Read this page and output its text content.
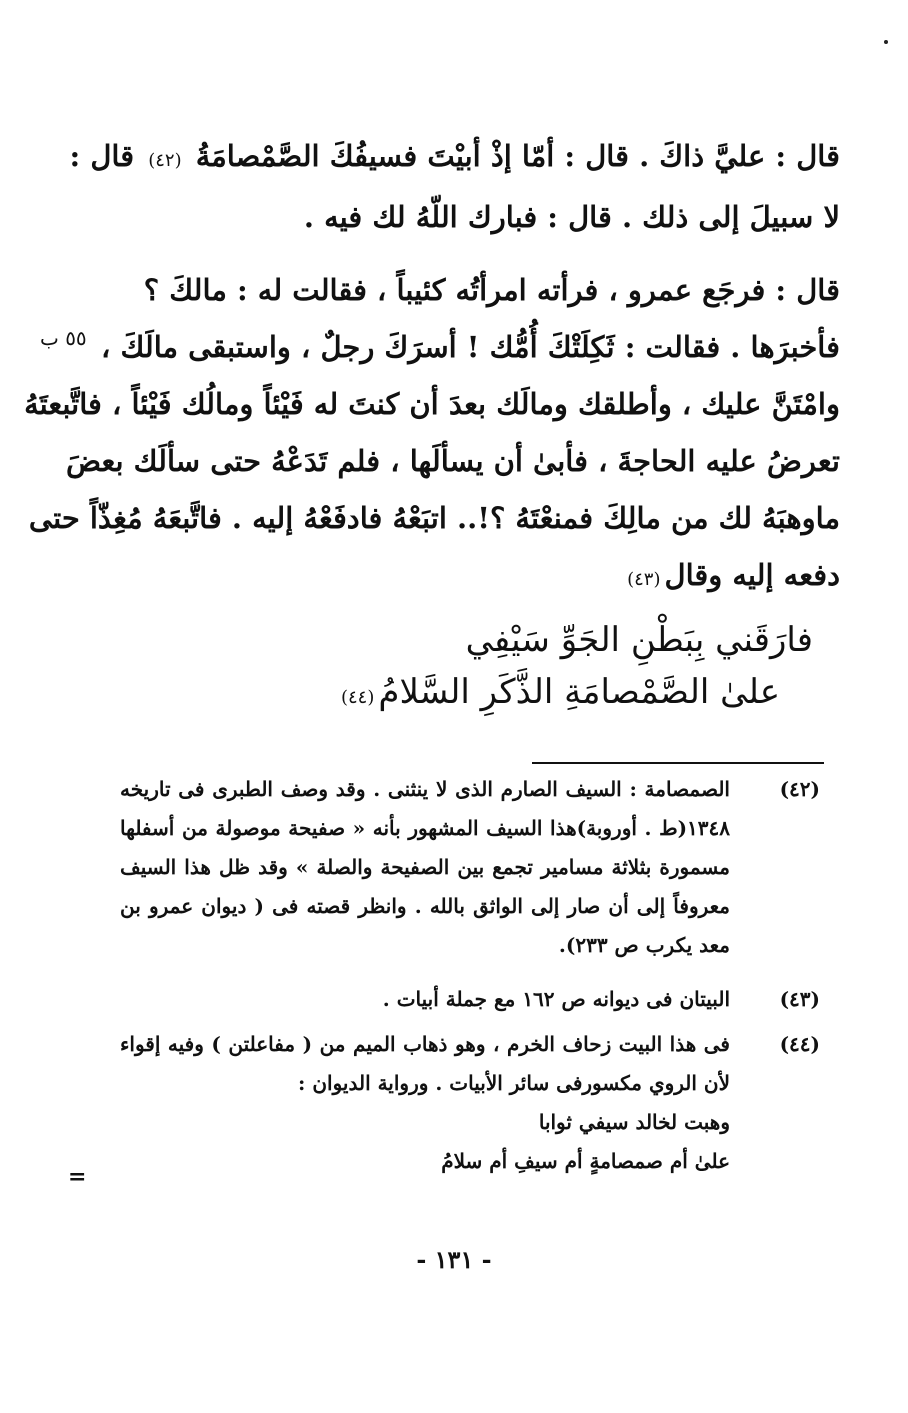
قال : عليَّ ذاكَ . قال : أمّا إذْ أبيْتَ فسيفُكَ الصَّمْصامَةُ (٤٢) قال :
لا سبيلَ إلى ذلك . قال : فبارك اللّهُ لك فيه .
٥٥ ب
قال : فرجَع عمرو ، فرأته امرأتُه كئيباً ، فقالت له : مالكَ ؟
فأخبرَها . فقالت : ثَكِلَتْكَ أُمُّك ! أسرَكَ رجلٌ ، واستبقى مالَكَ ،
وامْتَنَّ عليك ، وأطلقك ومالَك بعدَ أن كنتَ له فَيْئاً ومالُك فَيْئاً ، فاتَّبعتَهُ
تعرضُ عليه الحاجةَ ، فأبىٰ أن يسألَها ، فلم تَدَعْهُ حتى سألَك بعضَ
ماوهبَهُ لك من مالِكَ فمنعْتَهُ ؟!.. اتبَعْهُ فادفَعْهُ إليه . فاتَّبعَهُ مُغِذّاً حتى
دفعه إليه وقال(٤٣)
فارَقَني بِبَطْنِ الجَوِّ سَيْفِي
علىٰ الصَّمْصامَةِ الذَّكَرِ السَّلامُ(٤٤)
(٤٢)
الصمصامة : السيف الصارم الذى لا ينثنى . وقد وصف الطبرى فى تاريخه ١٣٤٨(ط . أوروبة)هذا السيف المشهور بأنه « صفيحة موصولة من أسفلها مسمورة بثلاثة مسامير تجمع بين الصفيحة والصلة » وقد ظل هذا السيف معروفاً إلى أن صار إلى الواثق بالله . وانظر قصته فى ( ديوان عمرو بن معد يكرب ص ٢٣٣).
(٤٣)
البيتان فى ديوانه ص ١٦٢ مع جملة أبيات .
(٤٤)
فى هذا البيت زحاف الخرم ، وهو ذهاب الميم من ( مفاعلتن ) وفيه إقواء لأن الروي مكسورفى سائر الأبيات . ورواية الديوان :
وهبت لخالد سيفي ثوابا
علىٰ أم صمصامةٍ أم سيفِ أم سلامُ
=
- ١٣١ -
